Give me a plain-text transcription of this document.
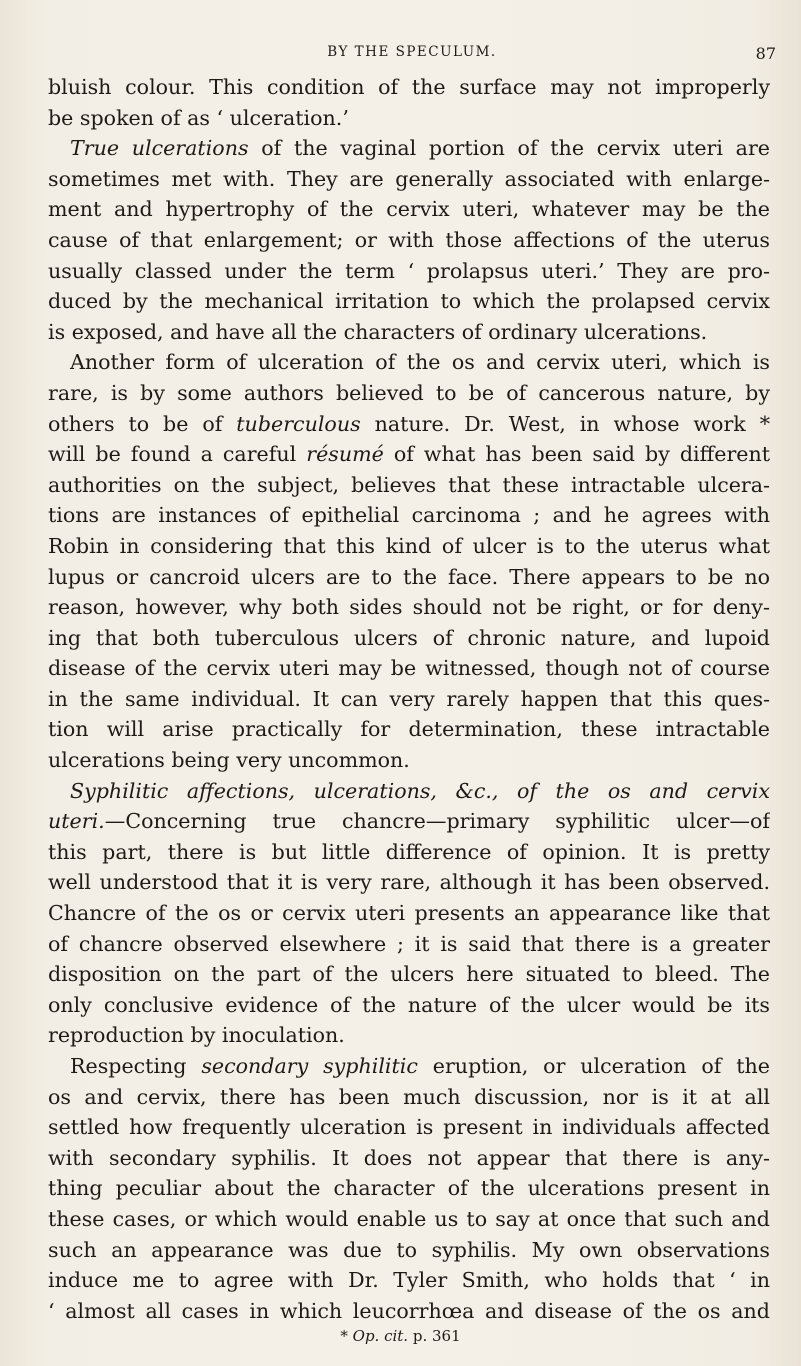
BY THE SPECULUM.	87
bluish colour. This condition of the surface may not improperly
be spoken of as ‘ ulceration.’
True ulcerations of the vaginal portion of the cervix uteri are
sometimes met with. They are generally associated with enlarge-
ment and hypertrophy of the cervix uteri, whatever may be the
cause of that enlargement; or with those affections of the uterus
usually classed under the term ‘ prolapsus uteri.’ They are pro-
duced by the mechanical irritation to which the prolapsed cervix
is exposed, and have all the characters of ordinary ulcerations.
Another form of ulceration of the os and cervix uteri, which is
rare, is by some authors believed to be of cancerous nature, by
others to be of tuberculous nature. Dr. West, in whose work *
will be found a careful résumé of what has been said by different
authorities on the subject, believes that these intractable ulcera-
tions are instances of epithelial carcinoma ; and he agrees with
Robin in considering that this kind of ulcer is to the uterus what
lupus or cancroid ulcers are to the face. There appears to be no
reason, however, why both sides should not be right, or for deny-
ing that both tuberculous ulcers of chronic nature, and lupoid
disease of the cervix uteri may be witnessed, though not of course
in the same individual. It can very rarely happen that this ques-
tion will arise practically for determination, these intractable
ulcerations being very uncommon.
Syphilitic affections, ulcerations, &c., of the os and cervix
uteri.—Concerning true chancre—primary syphilitic ulcer—of
this part, there is but little difference of opinion. It is pretty
well understood that it is very rare, although it has been observed.
Chancre of the os or cervix uteri presents an appearance like that
of chancre observed elsewhere ; it is said that there is a greater
disposition on the part of the ulcers here situated to bleed. The
only conclusive evidence of the nature of the ulcer would be its
reproduction by inoculation.
Respecting secondary syphilitic eruption, or ulceration of the
os and cervix, there has been much discussion, nor is it at all
settled how frequently ulceration is present in individuals affected
with secondary syphilis. It does not appear that there is any-
thing peculiar about the character of the ulcerations present in
these cases, or which would enable us to say at once that such and
such an appearance was due to syphilis. My own observations
induce me to agree with Dr. Tyler Smith, who holds that ‘ in
‘ almost all cases in which leucorrhœa and disease of the os and
* Op. cit. p. 361
